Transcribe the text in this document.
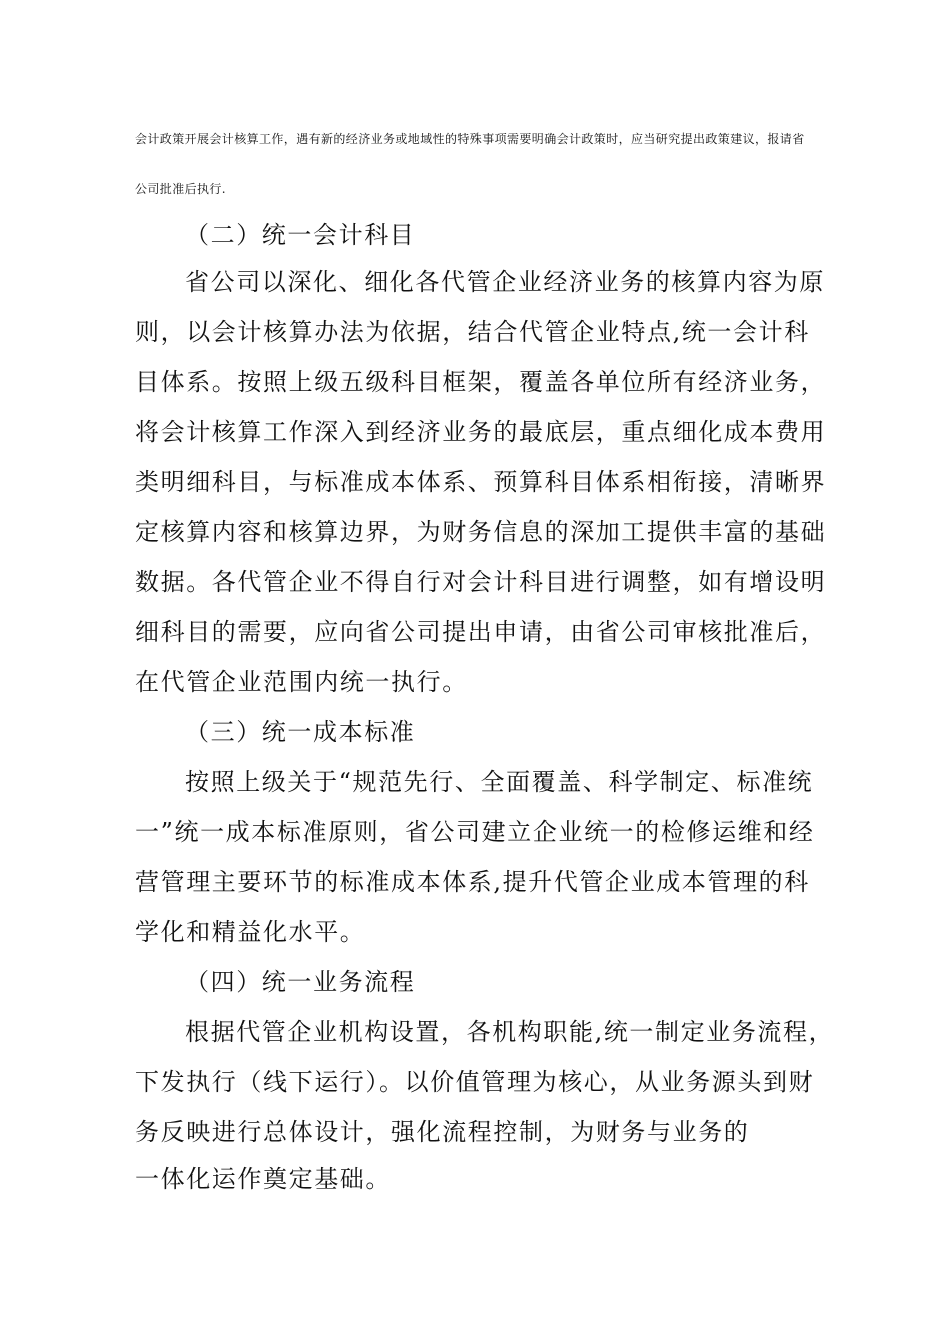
会计政策开展会计核算工作，遇有新的经济业务或地域性的特殊事项需要明确会计政策时，应当研究提出政策建议，报请省
公司批准后执行.
（二）统一会计科目
省公司以深化、细化各代管企业经济业务的核算内容为原
则，以会计核算办法为依据，结合代管企业特点,统一会计科
目体系。按照上级五级科目框架，覆盖各单位所有经济业务，
将会计核算工作深入到经济业务的最底层，重点细化成本费用
类明细科目，与标准成本体系、预算科目体系相衔接，清晰界
定核算内容和核算边界，为财务信息的深加工提供丰富的基础
数据。各代管企业不得自行对会计科目进行调整，如有增设明
细科目的需要，应向省公司提出申请，由省公司审核批准后，
在代管企业范围内统一执行。
（三）统一成本标准
按照上级关于“规范先行、全面覆盖、科学制定、标准统
一”统一成本标准原则，省公司建立企业统一的检修运维和经
营管理主要环节的标准成本体系,提升代管企业成本管理的科
学化和精益化水平。
（四）统一业务流程
根据代管企业机构设置，各机构职能,统一制定业务流程，
下发执行（线下运行）。以价值管理为核心，从业务源头到财
务反映进行总体设计，强化流程控制，为财务与业务的
一体化运作奠定基础。
